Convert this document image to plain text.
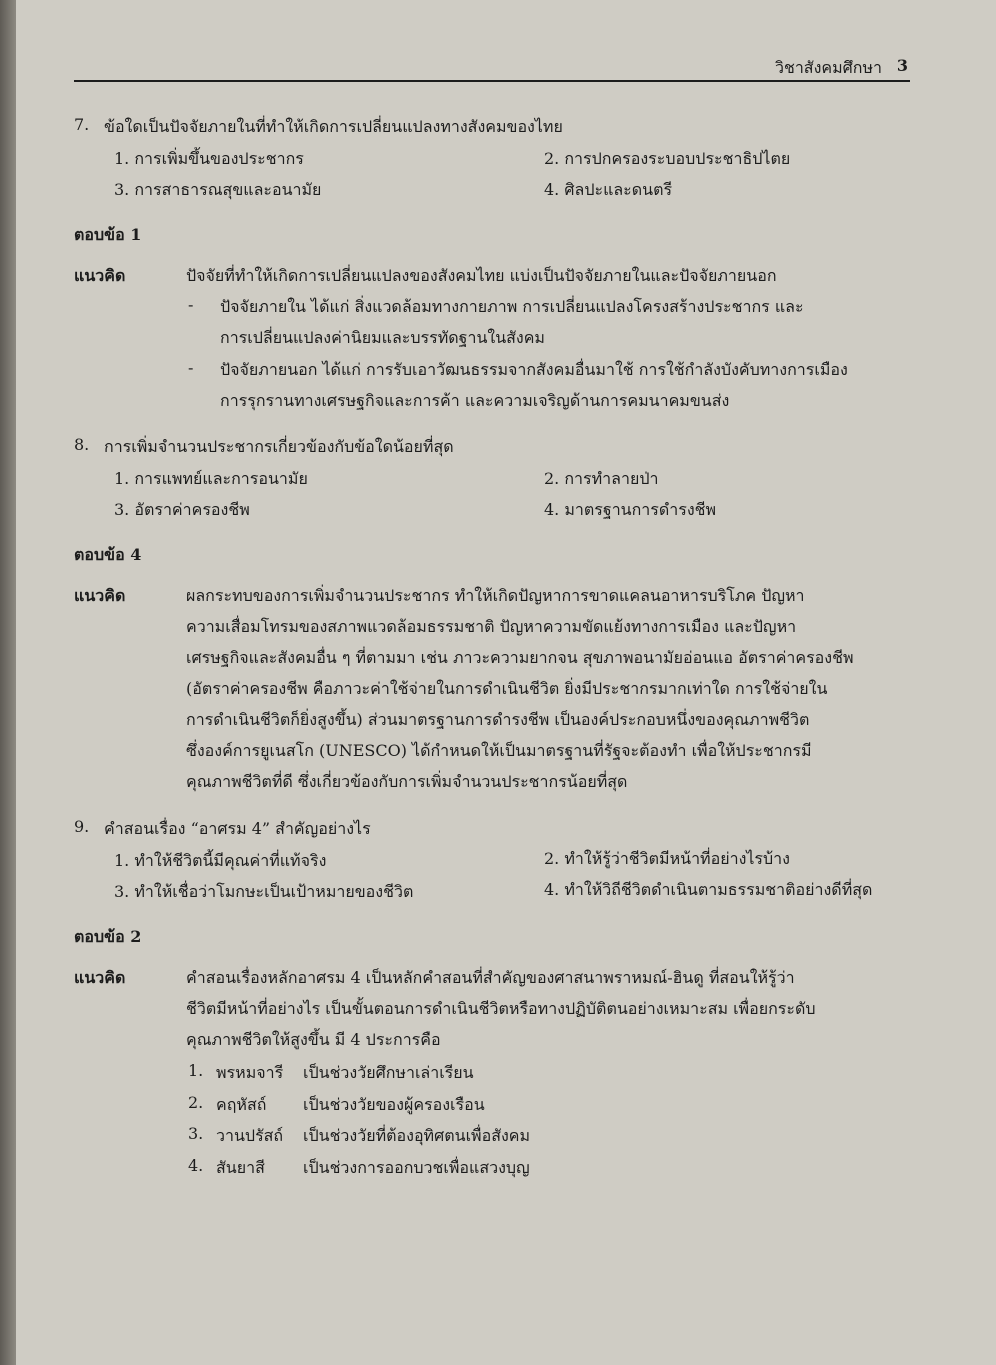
วิชาสังคมศึกษา 3
7. ข้อใดเป็นปัจจัยภายในที่ทำให้เกิดการเปลี่ยนแปลงทางสังคมของไทย
1. การเพิ่มขึ้นของประชากร	2. การปกครองระบอบประชาธิปไตย
3. การสาธารณสุขและอนามัย	4. ศิลปะและดนตรี
ตอบข้อ 1
แนวคิด	ปัจจัยที่ทำให้เกิดการเปลี่ยนแปลงของสังคมไทย แบ่งเป็นปัจจัยภายในและปัจจัยภายนอก
- ปัจจัยภายใน ได้แก่ สิ่งแวดล้อมทางกายภาพ การเปลี่ยนแปลงโครงสร้างประชากร และ
การเปลี่ยนแปลงค่านิยมและบรรทัดฐานในสังคม
- ปัจจัยภายนอก ได้แก่ การรับเอาวัฒนธรรมจากสังคมอื่นมาใช้ การใช้กำลังบังคับทางการเมือง
การรุกรานทางเศรษฐกิจและการค้า และความเจริญด้านการคมนาคมขนส่ง
8. การเพิ่มจำนวนประชากรเกี่ยวข้องกับข้อใดน้อยที่สุด
1. การแพทย์และการอนามัย	2. การทำลายป่า
3. อัตราค่าครองชีพ	4. มาตรฐานการดำรงชีพ
ตอบข้อ 4
แนวคิด	ผลกระทบของการเพิ่มจำนวนประชากร ทำให้เกิดปัญหาการขาดแคลนอาหารบริโภค ปัญหา
ความเสื่อมโทรมของสภาพแวดล้อมธรรมชาติ ปัญหาความขัดแย้งทางการเมือง และปัญหา
เศรษฐกิจและสังคมอื่น ๆ ที่ตามมา เช่น ภาวะความยากจน สุขภาพอนามัยอ่อนแอ อัตราค่าครองชีพ
(อัตราค่าครองชีพ คือภาวะค่าใช้จ่ายในการดำเนินชีวิต ยิ่งมีประชากรมากเท่าใด การใช้จ่ายใน
การดำเนินชีวิตก็ยิ่งสูงขึ้น) ส่วนมาตรฐานการดำรงชีพ เป็นองค์ประกอบหนึ่งของคุณภาพชีวิต
ซึ่งองค์การยูเนสโก (UNESCO) ได้กำหนดให้เป็นมาตรฐานที่รัฐจะต้องทำ เพื่อให้ประชากรมี
คุณภาพชีวิตที่ดี ซึ่งเกี่ยวข้องกับการเพิ่มจำนวนประชากรน้อยที่สุด
9. คำสอนเรื่อง “อาศรม 4” สำคัญอย่างไร
1. ทำให้ชีวิตนี้มีคุณค่าที่แท้จริง	2. ทำให้รู้ว่าชีวิตมีหน้าที่อย่างไรบ้าง
3. ทำให้เชื่อว่าโมกษะเป็นเป้าหมายของชีวิต	4. ทำให้วิถีชีวิตดำเนินตามธรรมชาติอย่างดีที่สุด
ตอบข้อ 2
แนวคิด	คำสอนเรื่องหลักอาศรม 4 เป็นหลักคำสอนที่สำคัญของศาสนาพราหมณ์-ฮินดู ที่สอนให้รู้ว่า
ชีวิตมีหน้าที่อย่างไร เป็นขั้นตอนการดำเนินชีวิตหรือทางปฏิบัติตนอย่างเหมาะสม เพื่อยกระดับ
คุณภาพชีวิตให้สูงขึ้น มี 4 ประการคือ
1. พรหมจารี เป็นช่วงวัยศึกษาเล่าเรียน
2. คฤหัสถ์ เป็นช่วงวัยของผู้ครองเรือน
3. วานปรัสถ์ เป็นช่วงวัยที่ต้องอุทิศตนเพื่อสังคม
4. สันยาสี เป็นช่วงการออกบวชเพื่อแสวงบุญ
